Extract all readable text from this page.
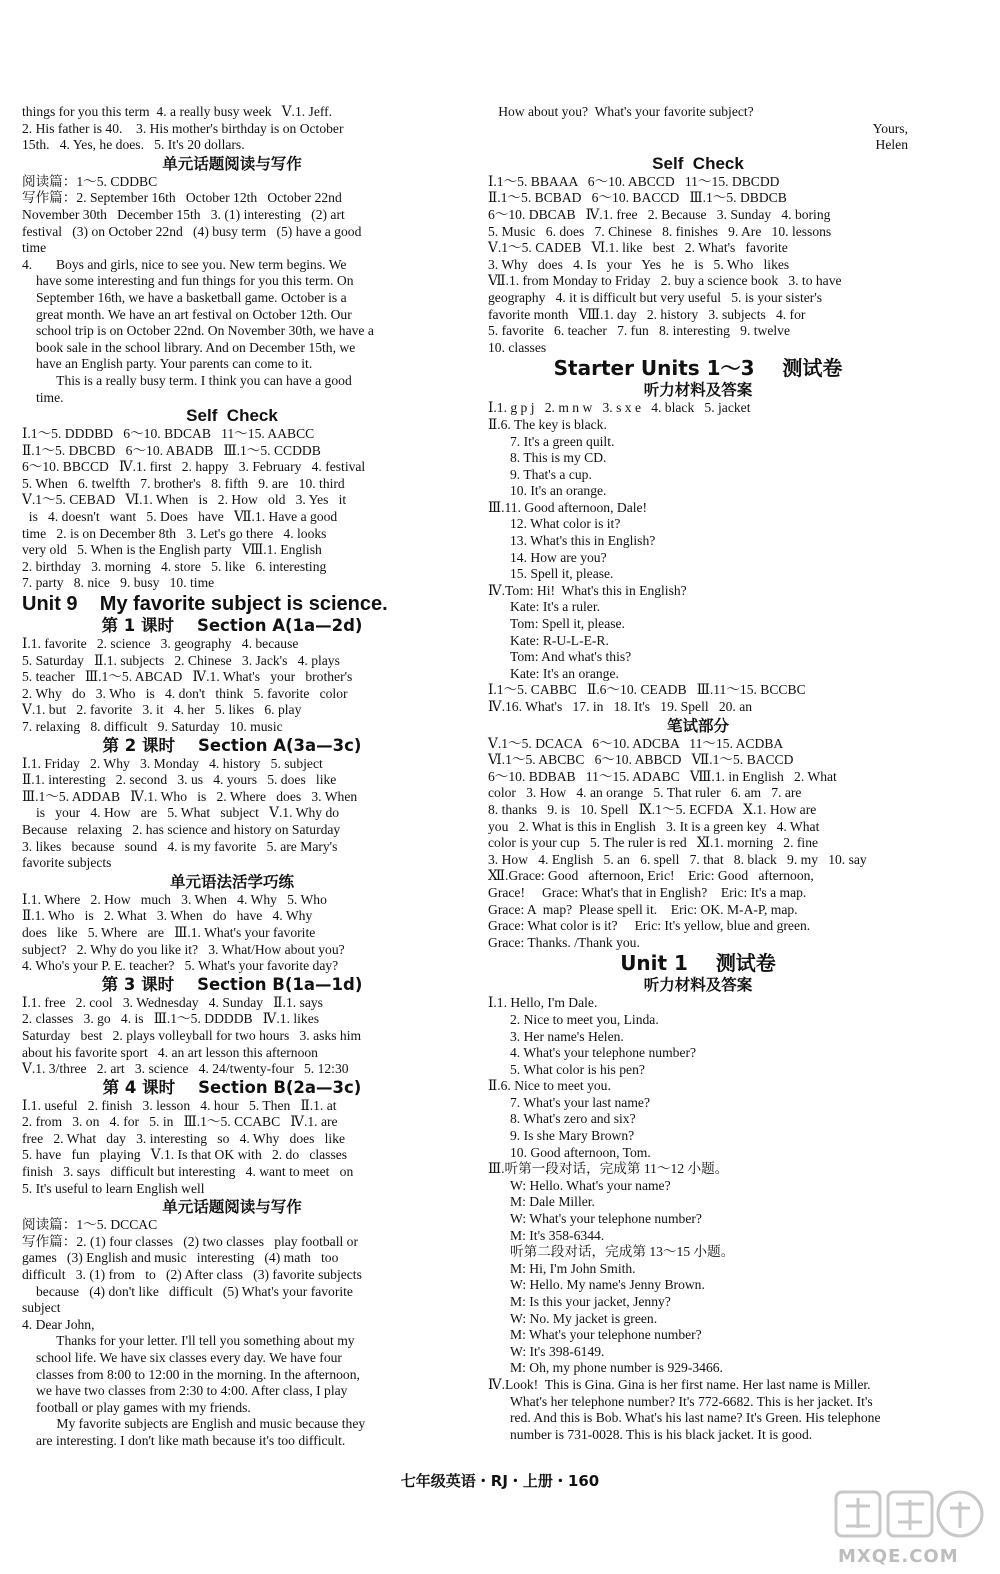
things for you this term  4. a really busy week   Ⅴ.1. Jeff.
2. His father is 40.    3. His mother's birthday is on October
15th.   4. Yes, he does.   5. It's 20 dollars.
单元话题阅读与写作
阅读篇：1～5. CDDBC
写作篇：2. September 16th   October 12th   October 22nd
November 30th   December 15th   3. (1) interesting   (2) art
festival   (3) on October 22nd   (4) busy term   (5) have a good
time
4.       Boys and girls, nice to see you. New term begins. We
have some interesting and fun things for you this term. On
September 16th, we have a basketball game. October is a
great month. We have an art festival on October 12th. Our
school trip is on October 22nd. On November 30th, we have a
book sale in the school library. And on December 15th, we
have an English party. Your parents can come to it.
This is a really busy term. I think you can have a good
time.
Self  Check
Ⅰ.1～5. DDDBD   6～10. BDCAB   11～15. AABCC
Ⅱ.1～5. DBCBD   6～10. ABADB   Ⅲ.1～5. CCDDB
6～10. BBCCD   Ⅳ.1. first   2. happy   3. February   4. festival
5. When   6. twelfth   7. brother's   8. fifth   9. are   10. third
Ⅴ.1～5. CEBAD   Ⅵ.1. When   is   2. How   old   3. Yes   it
is   4. doesn't   want   5. Does   have   Ⅶ.1. Have a good
time   2. is on December 8th   3. Let's go there   4. looks
very old   5. When is the English party   Ⅷ.1. English
2. birthday   3. morning   4. store   5. like   6. interesting
7. party   8. nice   9. busy   10. time
Unit 9    My favorite subject is science.
第 1 课时    Section A(1a—2d)
Ⅰ.1. favorite   2. science   3. geography   4. because
5. Saturday   Ⅱ.1. subjects   2. Chinese   3. Jack's   4. plays
5. teacher   Ⅲ.1～5. ABCAD   Ⅳ.1. What's   your   brother's
2. Why   do   3. Who   is   4. don't   think   5. favorite   color
Ⅴ.1. but   2. favorite   3. it   4. her   5. likes   6. play
7. relaxing   8. difficult   9. Saturday   10. music
第 2 课时    Section A(3a—3c)
Ⅰ.1. Friday   2. Why   3. Monday   4. history   5. subject
Ⅱ.1. interesting   2. second   3. us   4. yours   5. does   like
Ⅲ.1～5. ADDAB   Ⅳ.1. Who   is   2. Where   does   3. When
is   your   4. How   are   5. What   subject   Ⅴ.1. Why do
Because   relaxing   2. has science and history on Saturday
3. likes   because   sound   4. is my favorite   5. are Mary's
favorite subjects
单元语法活学巧练
Ⅰ.1. Where   2. How   much   3. When   4. Why   5. Who
Ⅱ.1. Who   is   2. What   3. When   do   have   4. Why
does   like   5. Where   are   Ⅲ.1. What's your favorite
subject?   2. Why do you like it?   3. What/How about you?
4. Who's your P. E. teacher?   5. What's your favorite day?
第 3 课时    Section B(1a—1d)
Ⅰ.1. free   2. cool   3. Wednesday   4. Sunday   Ⅱ.1. says
2. classes   3. go   4. is   Ⅲ.1～5. DDDDB   Ⅳ.1. likes
Saturday   best   2. plays volleyball for two hours   3. asks him
about his favorite sport   4. an art lesson this afternoon
Ⅴ.1. 3/three   2. art   3. science   4. 24/twenty-four   5. 12:30
第 4 课时    Section B(2a—3c)
Ⅰ.1. useful   2. finish   3. lesson   4. hour   5. Then   Ⅱ.1. at
2. from   3. on   4. for   5. in   Ⅲ.1～5. CCABC   Ⅳ.1. are
free   2. What   day   3. interesting   so   4. Why   does   like
5. have   fun   playing   Ⅴ.1. Is that OK with   2. do   classes
finish   3. says   difficult but interesting   4. want to meet   on
5. It's useful to learn English well
单元话题阅读与写作
阅读篇：1～5. DCCAC
写作篇：2. (1) four classes   (2) two classes   play football or
games   (3) English and music   interesting   (4) math   too
difficult   3. (1) from   to   (2) After class   (3) favorite subjects
because   (4) don't like   difficult   (5) What's your favorite
subject
4. Dear John,
Thanks for your letter. I'll tell you something about my
school life. We have six classes every day. We have four
classes from 8:00 to 12:00 in the morning. In the afternoon,
we have two classes from 2:30 to 4:00. After class, I play
football or play games with my friends.
My favorite subjects are English and music because they
are interesting. I don't like math because it's too difficult.
How about you?  What's your favorite subject?
Yours,
Helen
Self  Check
Ⅰ.1～5. BBAAA   6～10. ABCCD   11～15. DBCDD
Ⅱ.1～5. BCBAD   6～10. BACCD   Ⅲ.1～5. DBDCB
6～10. DBCAB   Ⅳ.1. free   2. Because   3. Sunday   4. boring
5. Music   6. does   7. Chinese   8. finishes   9. Are   10. lessons
Ⅴ.1～5. CADEB   Ⅵ.1. like   best   2. What's   favorite
3. Why   does   4. Is   your   Yes   he   is   5. Who   likes
Ⅶ.1. from Monday to Friday   2. buy a science book   3. to have
geography   4. it is difficult but very useful   5. is your sister's
favorite month   Ⅷ.1. day   2. history   3. subjects   4. for
5. favorite   6. teacher   7. fun   8. interesting   9. twelve
10. classes
Starter Units 1～3    测试卷
听力材料及答案
Ⅰ.1. g p j   2. m n w   3. s x e   4. black   5. jacket
Ⅱ.6. The key is black.
7. It's a green quilt.
8. This is my CD.
9. That's a cup.
10. It's an orange.
Ⅲ.11. Good afternoon, Dale!
12. What color is it?
13. What's this in English?
14. How are you?
15. Spell it, please.
Ⅳ.Tom: Hi!  What's this in English?
Kate: It's a ruler.
Tom: Spell it, please.
Kate: R-U-L-E-R.
Tom: And what's this?
Kate: It's an orange.
Ⅰ.1～5. CABBC   Ⅱ.6～10. CEADB   Ⅲ.11～15. BCCBC
Ⅳ.16. What's   17. in   18. It's   19. Spell   20. an
笔试部分
Ⅴ.1～5. DCACA   6～10. ADCBA   11～15. ACDBA
Ⅵ.1～5. ABCBC   6～10. ABBCD   Ⅶ.1～5. BACCD
6～10. BDBAB   11～15. ADABC   Ⅷ.1. in English   2. What
color   3. How   4. an orange   5. That ruler   6. am   7. are
8. thanks   9. is   10. Spell   Ⅸ.1～5. ECFDA   Ⅹ.1. How are
you   2. What is this in English   3. It is a green key   4. What
color is your cup   5. The ruler is red   Ⅺ.1. morning   2. fine
3. How   4. English   5. an   6. spell   7. that   8. black   9. my   10. say
Ⅻ.Grace: Good   afternoon, Eric!    Eric: Good   afternoon,
Grace!     Grace: What's that in English?    Eric: It's a map.
Grace: A  map?  Please spell it.    Eric: OK. M-A-P, map.
Grace: What color is it?     Eric: It's yellow, blue and green.
Grace: Thanks. /Thank you.
Unit 1    测试卷
听力材料及答案
Ⅰ.1. Hello, I'm Dale.
2. Nice to meet you, Linda.
3. Her name's Helen.
4. What's your telephone number?
5. What color is his pen?
Ⅱ.6. Nice to meet you.
7. What's your last name?
8. What's zero and six?
9. Is she Mary Brown?
10. Good afternoon, Tom.
Ⅲ.听第一段对话，完成第 11～12 小题。
W: Hello. What's your name?
M: Dale Miller.
W: What's your telephone number?
M: It's 358-6344.
听第二段对话，完成第 13～15 小题。
M: Hi, I'm John Smith.
W: Hello. My name's Jenny Brown.
M: Is this your jacket, Jenny?
W: No. My jacket is green.
M: What's your telephone number?
W: It's 398-6149.
M: Oh, my phone number is 929-3466.
Ⅳ.Look!  This is Gina. Gina is her first name. Her last name is Miller.
What's her telephone number? It's 772-6682. This is her jacket. It's
red. And this is Bob. What's his last name? It's Green. His telephone
number is 731-0028. This is his black jacket. It is good.
七年级英语・RJ・上册・160
MXQE.COM
